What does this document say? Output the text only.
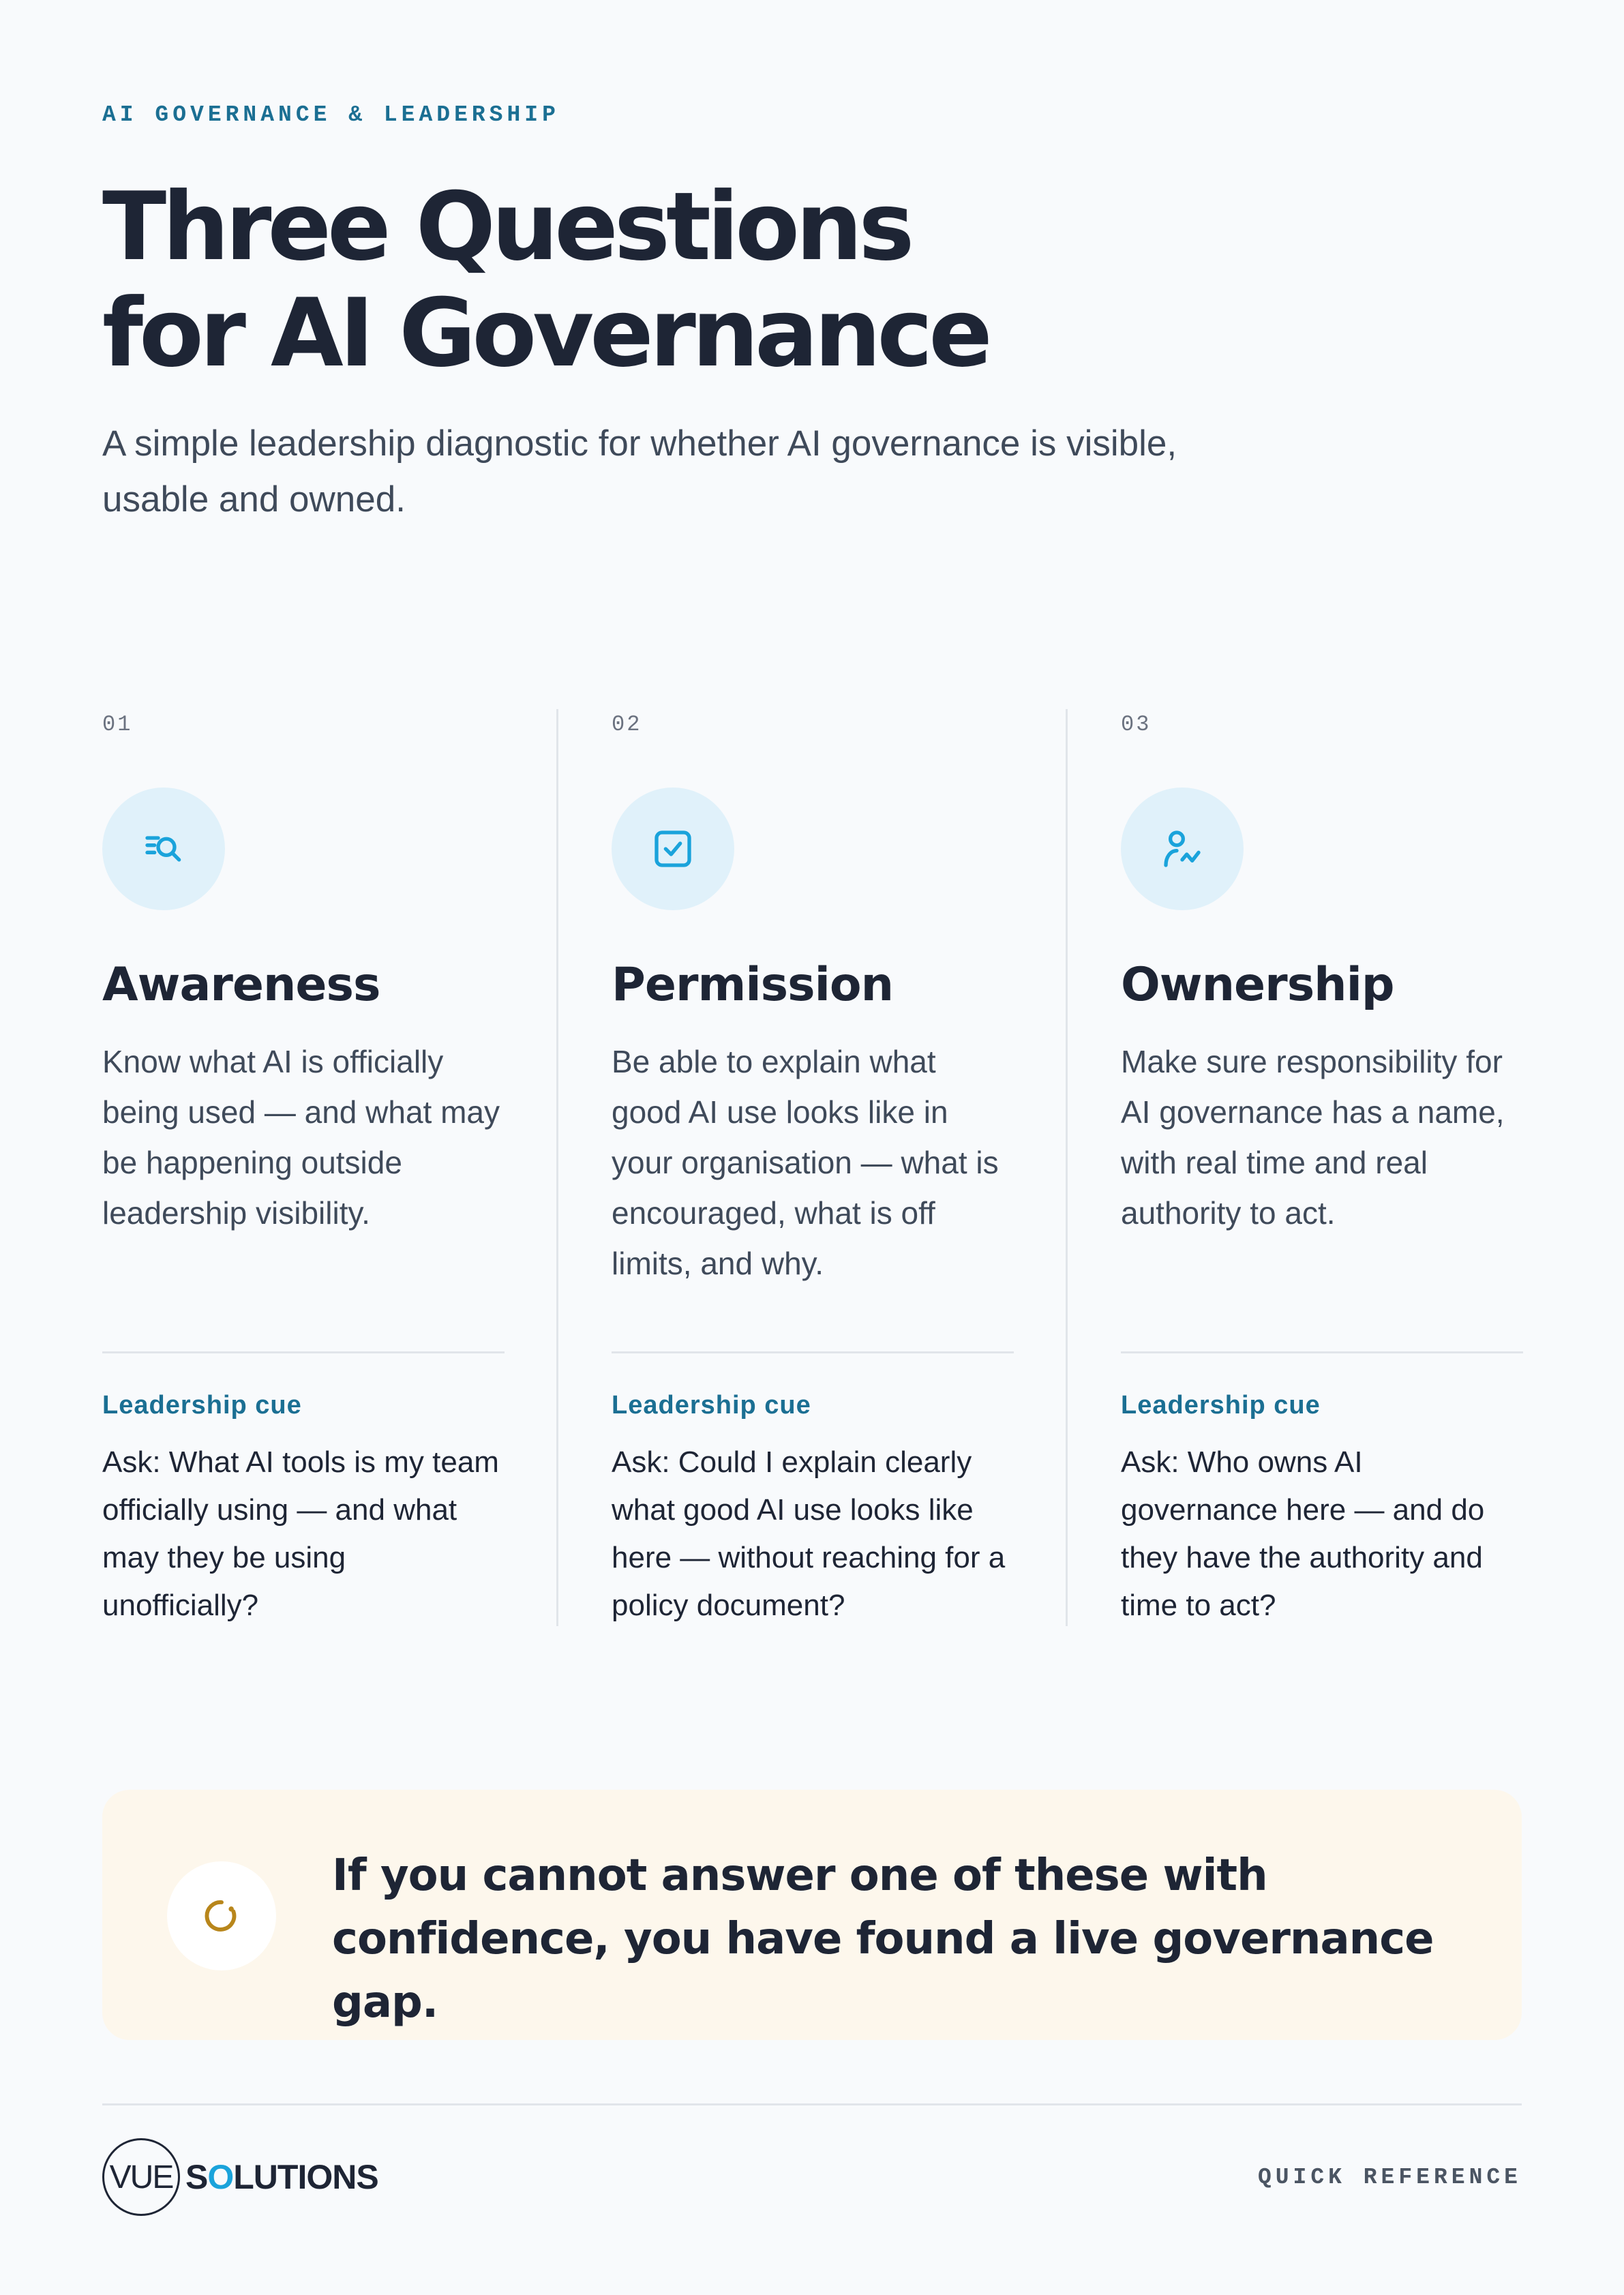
AI GOVERNANCE & LEADERSHIP
Three Questions
for AI Governance

A simple leadership diagnostic for whether AI governance is visible, usable and owned.

01
Awareness

Know what AI is officially being used — and what may be happening outside leadership visibility.

Leadership cue

Ask: What AI tools is my team officially using — and what may they be using unofficially?

02
Permission

Be able to explain what good AI use looks like in your organisation — what is encouraged, what is off limits, and why.

Leadership cue

Ask: Could I explain clearly what good AI use looks like here — without reaching for a policy document?

03
Ownership

Make sure responsibility for AI governance has a name, with real time and real authority to act.

Leadership cue

Ask: Who owns AI governance here — and do they have the authority and time to act?

If you cannot answer one of these with confidence, you have found a live governance gap.

VUE SOLUTIONS	QUICK REFERENCE
